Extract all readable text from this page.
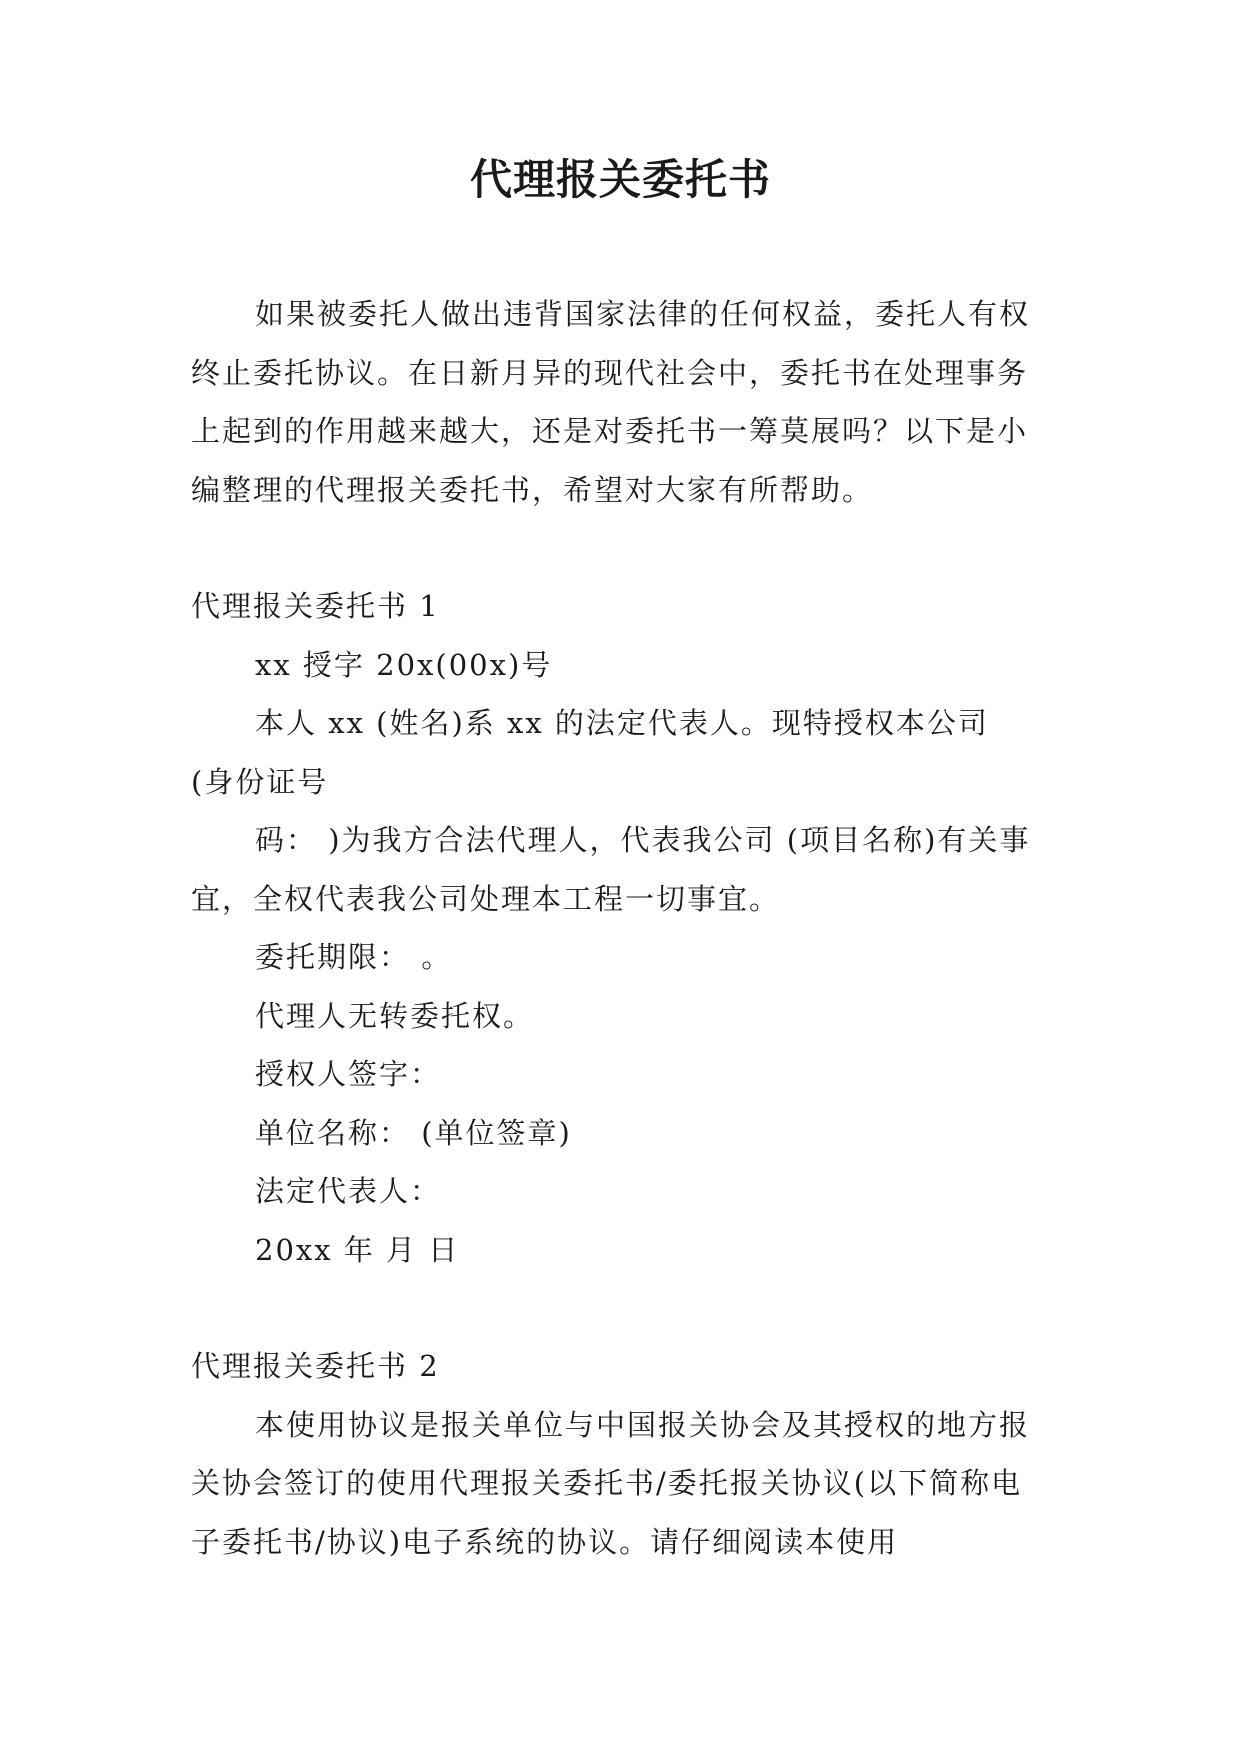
代理报关委托书

如果被委托人做出违背国家法律的任何权益，委托人有权终止委托协议。在日新月异的现代社会中，委托书在处理事务上起到的作用越来越大，还是对委托书一筹莫展吗？以下是小编整理的代理报关委托书，希望对大家有所帮助。

代理报关委托书 1

xx 授字 20x(00x)号

本人 xx (姓名)系 xx 的法定代表人。现特授权本公司

(身份证号

码： )为我方合法代理人，代表我公司 (项目名称)有关事宜，全权代表我公司处理本工程一切事宜。

委托期限： 。

代理人无转委托权。

授权人签字：

单位名称： (单位签章)

法定代表人：

20xx 年 月 日

代理报关委托书 2

本使用协议是报关单位与中国报关协会及其授权的地方报关协会签订的使用代理报关委托书/委托报关协议(以下简称电子委托书/协议)电子系统的协议。请仔细阅读本使用
